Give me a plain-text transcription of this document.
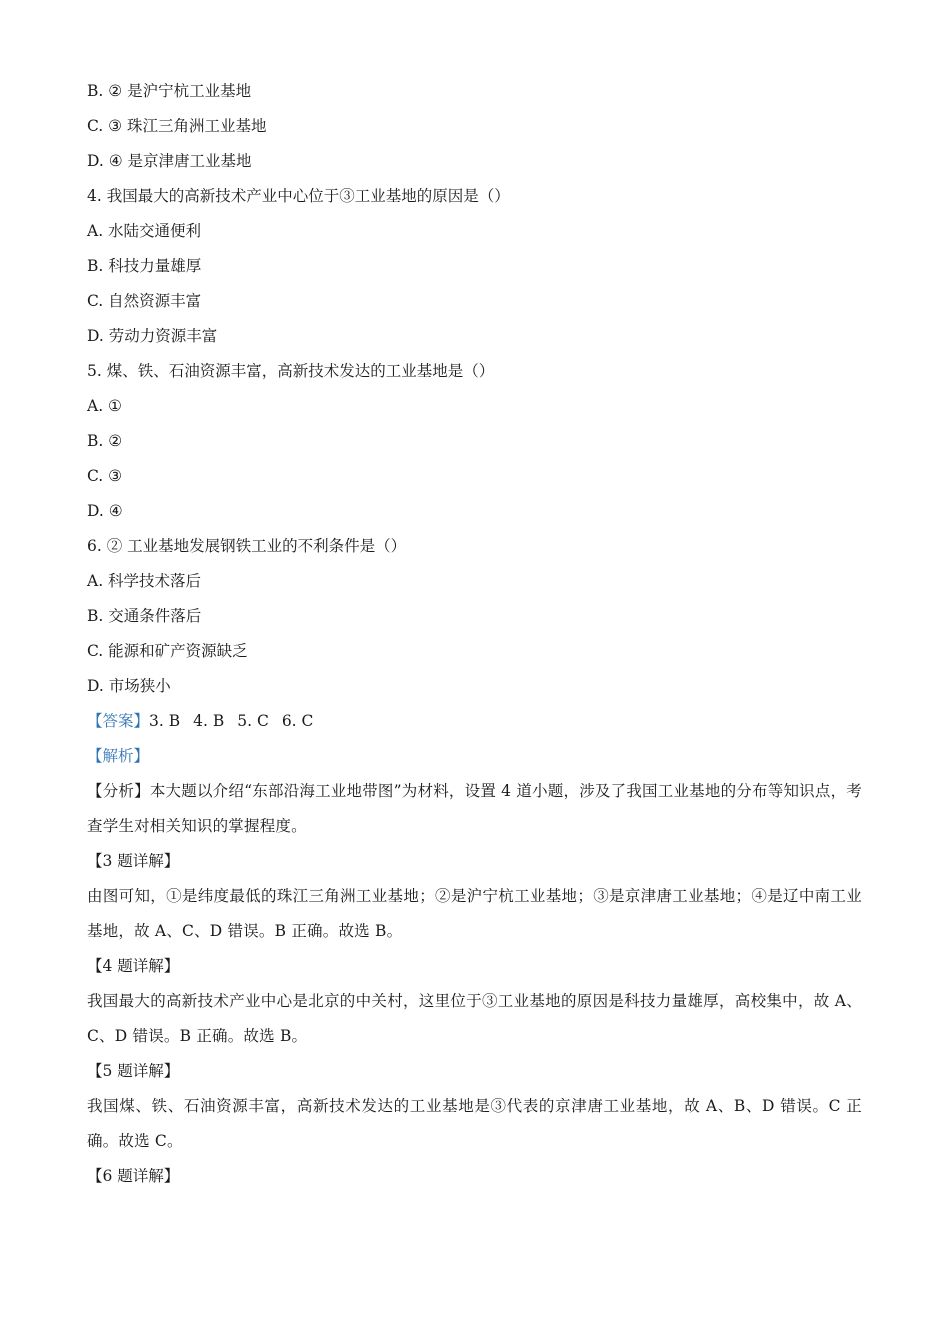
B. ② 是沪宁杭工业基地

C. ③ 珠江三角洲工业基地

D. ④ 是京津唐工业基地

4. 我国最大的高新技术产业中心位于③工业基地的原因是（）

A. 水陆交通便利

B. 科技力量雄厚

C. 自然资源丰富

D. 劳动力资源丰富

5. 煤、铁、石油资源丰富，高新技术发达的工业基地是（）

A. ①

B. ②

C. ③

D. ④

6. ② 工业基地发展钢铁工业的不利条件是（）

A. 科学技术落后

B. 交通条件落后

C. 能源和矿产资源缺乏

D. 市场狭小

【答案】3. B 4. B 5. C 6. C

【解析】

【分析】本大题以介绍“东部沿海工业地带图”为材料，设置 4 道小题，涉及了我国工业基地的分布等知识点，考查学生对相关知识的掌握程度。

【3 题详解】

由图可知，①是纬度最低的珠江三角洲工业基地；②是沪宁杭工业基地；③是京津唐工业基地；④是辽中南工业基地，故 A、C、D 错误。B 正确。故选 B。

【4 题详解】

我国最大的高新技术产业中心是北京的中关村，这里位于③工业基地的原因是科技力量雄厚，高校集中，故 A、C、D 错误。B 正确。故选 B。

【5 题详解】

我国煤、铁、石油资源丰富，高新技术发达的工业基地是③代表的京津唐工业基地，故 A、B、D 错误。C 正确。故选 C。

【6 题详解】
